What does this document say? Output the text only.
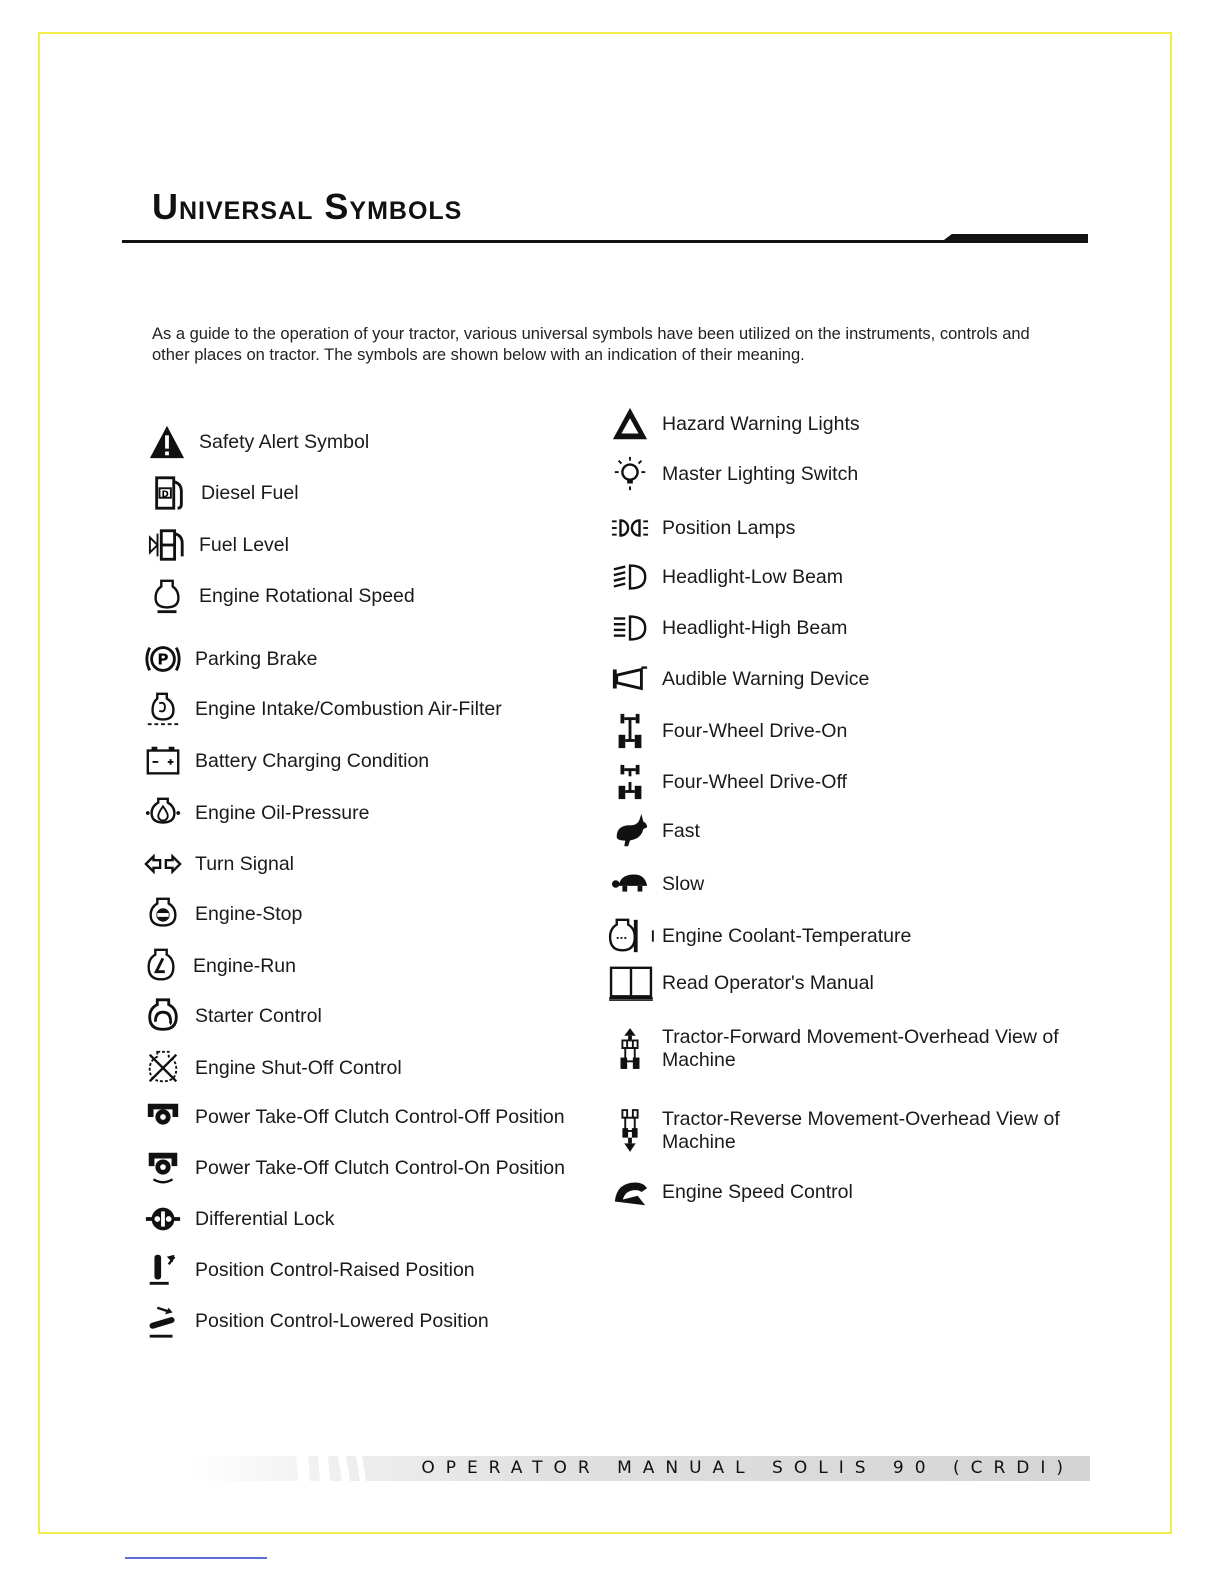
Universal Symbols

As a guide to the operation of your tractor, various universal symbols have been utilized on the instruments, controls and other places on tractor. The symbols are shown below with an indication of their meaning.

Safety Alert Symbol
D Diesel Fuel
Fuel Level
Engine Rotational Speed
P Parking Brake
Engine Intake/Combustion Air-Filter
Battery Charging Condition
Engine Oil-Pressure
Turn Signal
Engine-Stop
Engine-Run
Starter Control
Engine Shut-Off Control
Power Take-Off Clutch Control-Off Position
Power Take-Off Clutch Control-On Position
Differential Lock
Position Control-Raised Position
Position Control-Lowered Position
Hazard Warning Lights
Master Lighting Switch
Position Lamps
Headlight-Low Beam
Headlight-High Beam
Audible Warning Device
Four-Wheel Drive-On
Four-Wheel Drive-Off
Fast
Slow
Engine Coolant-Temperature
Read Operator's Manual
Tractor-Forward Movement-Overhead View of Machine
Tractor-Reverse Movement-Overhead View of Machine
Engine Speed Control
OPERATOR MANUAL SOLIS 90 (CRDI)
